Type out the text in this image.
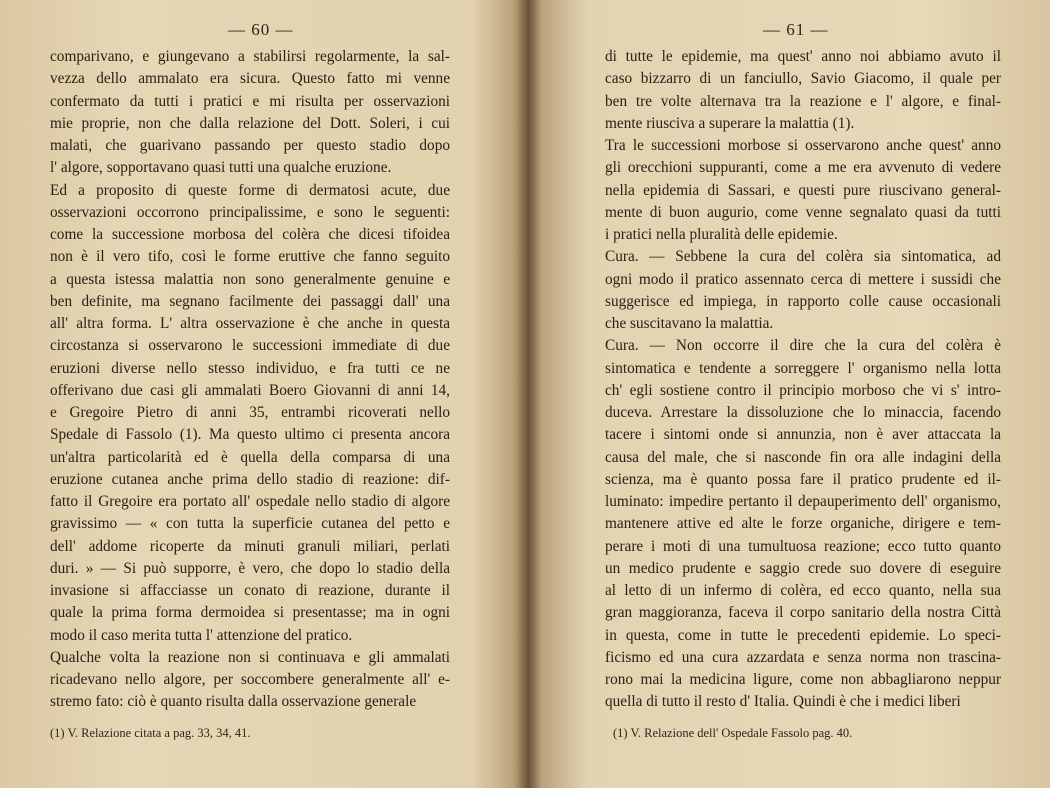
— 60 —
comparivano, e giungevano a stabilirsi regolarmente, la sal-
vezza dello ammalato era sicura. Questo fatto mi venne
confermato da tutti i pratici e mi risulta per osservazioni
mie proprie, non che dalla relazione del Dott. Soleri, i cui
malati, che guarivano passando per questo stadio dopo
l' algore, sopportavano quasi tutti una qualche eruzione.
Ed a proposito di queste forme di dermatosi acute, due
osservazioni occorrono principalissime, e sono le seguenti:
come la successione morbosa del colèra che dicesi tifoidea
non è il vero tifo, così le forme eruttive che fanno seguito
a questa istessa malattia non sono generalmente genuine e
ben definite, ma segnano facilmente dei passaggi dall' una
all' altra forma. L' altra osservazione è che anche in questa
circostanza si osservarono le successioni immediate di due
eruzioni diverse nello stesso individuo, e fra tutti ce ne
offerivano due casi gli ammalati Boero Giovanni di anni 14,
e Gregoire Pietro di anni 35, entrambi ricoverati nello
Spedale di Fassolo (1). Ma questo ultimo ci presenta ancora
un'altra particolarità ed è quella della comparsa di una
eruzione cutanea anche prima dello stadio di reazione: dif-
fatto il Gregoire era portato all' ospedale nello stadio di algore
gravissimo — « con tutta la superficie cutanea del petto e
dell' addome ricoperte da minuti granuli miliari, perlati
duri. » — Si può supporre, è vero, che dopo lo stadio della
invasione si affacciasse un conato di reazione, durante il
quale la prima forma dermoidea si presentasse; ma in ogni
modo il caso merita tutta l' attenzione del pratico.
Qualche volta la reazione non si continuava e gli ammalati
ricadevano nello algore, per soccombere generalmente all' e-
stremo fato: ciò è quanto risulta dalla osservazione generale
(1) V. Relazione citata a pag. 33, 34, 41.
— 61 —
di tutte le epidemie, ma quest' anno noi abbiamo avuto il
caso bizzarro di un fanciullo, Savio Giacomo, il quale per
ben tre volte alternava tra la reazione e l' algore, e final-
mente riusciva a superare la malattia (1).
Tra le successioni morbose si osservarono anche quest' anno
gli orecchioni suppuranti, come a me era avvenuto di vedere
nella epidemia di Sassari, e questi pure riuscivano general-
mente di buon augurio, come venne segnalato quasi da tutti
i pratici nella pluralità delle epidemie.
Cura. — Sebbene la cura del colèra sia sintomatica, ad
ogni modo il pratico assennato cerca di mettere i sussidi che
suggerisce ed impiega, in rapporto colle cause occasionali
che suscitavano la malattia.
Cura. — Non occorre il dire che la cura del colèra è
sintomatica e tendente a sorreggere l' organismo nella lotta
ch' egli sostiene contro il principio morboso che vi s' intro-
duceva. Arrestare la dissoluzione che lo minaccia, facendo
tacere i sintomi onde si annunzia, non è aver attaccata la
causa del male, che si nasconde fin ora alle indagini della
scienza, ma è quanto possa fare il pratico prudente ed il-
luminato: impedire pertanto il depauperimento dell' organismo,
mantenere attive ed alte le forze organiche, dirigere e tem-
perare i moti di una tumultuosa reazione; ecco tutto quanto
un medico prudente e saggio crede suo dovere di eseguire
al letto di un infermo di colèra, ed ecco quanto, nella sua
gran maggioranza, faceva il corpo sanitario della nostra Città
in questa, come in tutte le precedenti epidemie. Lo speci-
ficismo ed una cura azzardata e senza norma non trascina-
rono mai la medicina ligure, come non abbagliarono neppur
quella di tutto il resto d' Italia. Quindi è che i medici liberi
(1) V. Relazione dell' Ospedale Fassolo pag. 40.
